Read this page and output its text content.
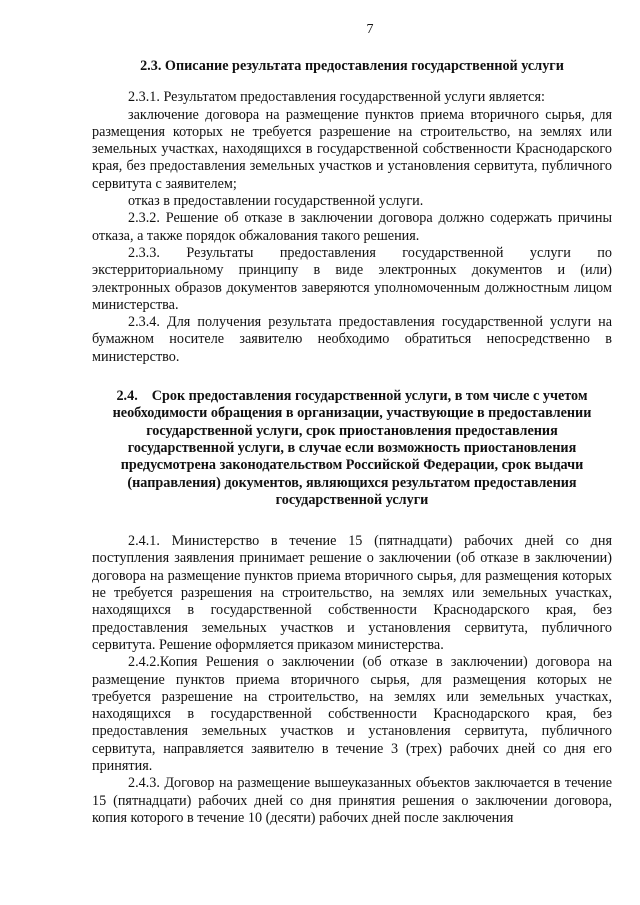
7
2.3. Описание результата предоставления государственной услуги

2.3.1. Результатом предоставления государственной услуги является:

заключение договора на размещение пунктов приема вторичного сырья, для размещения которых не требуется разрешение на строительство, на землях или земельных участках, находящихся в государственной собственности Краснодарского края, без предоставления земельных участков и установления сервитута, публичного сервитута с заявителем;

отказ в предоставлении государственной услуги.

2.3.2. Решение об отказе в заключении договора должно содержать причины отказа, а также порядок обжалования такого решения.

2.3.3. Результаты предоставления государственной услуги по экстерриториальному принципу в виде электронных документов и (или) электронных образов документов заверяются уполномоченным должностным лицом министерства.

2.3.4. Для получения результата предоставления государственной услуги на бумажном носителе заявителю необходимо обратиться непосредственно в министерство.

2.4. Срок предоставления государственной услуги, в том числе с учетом необходимости обращения в организации, участвующие в предоставлении государственной услуги, срок приостановления предоставления государственной услуги, в случае если возможность приостановления предусмотрена законодательством Российской Федерации, срок выдачи (направления) документов, являющихся результатом предоставления государственной услуги

2.4.1. Министерство в течение 15 (пятнадцати) рабочих дней со дня поступления заявления принимает решение о заключении (об отказе в заключении) договора на размещение пунктов приема вторичного сырья, для размещения которых не требуется разрешения на строительство, на землях или земельных участках, находящихся в государственной собственности Краснодарского края, без предоставления земельных участков и установления сервитута, публичного сервитута. Решение оформляется приказом министерства.

2.4.2.Копия Решения о заключении (об отказе в заключении) договора на размещение пунктов приема вторичного сырья, для размещения которых не требуется разрешение на строительство, на землях или земельных участках, находящихся в государственной собственности Краснодарского края, без предоставления земельных участков и установления сервитута, публичного сервитута, направляется заявителю в течение 3 (трех) рабочих дней со дня его принятия.

2.4.3. Договор на размещение вышеуказанных объектов заключается в течение 15 (пятнадцати) рабочих дней со дня принятия решения о заключении договора, копия которого в течение 10 (десяти) рабочих дней после заключения
